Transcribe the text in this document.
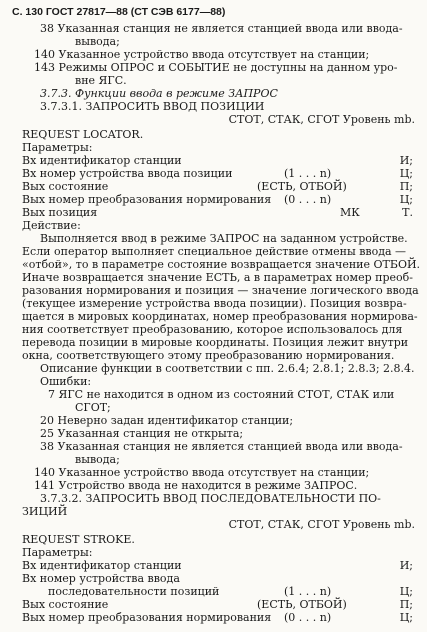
С. 130 ГОСТ 27817—88 (СТ СЭВ 6177—88)
38 Указанная станция не является станцией ввода или ввода-
вывода;
140 Указанное устройство ввода отсутствует на станции;
143 Режимы ОПРОС и СОБЫТИЕ не доступны на данном уро-
вне ЯГС.
3.7.3. Функции ввода в режиме ЗАПРОС
3.7.3.1. ЗАПРОСИТЬ ВВОД ПОЗИЦИИ
СТОТ, СТАК, СГОТ Уровень mb.
REQUEST LOCATOR.
Параметры:
Вх идентификатор станции	И;
Вх номер устройства ввода позиции	(1 . . . n)	Ц;
Вых состояние	(ЕСТЬ, ОТБОЙ)	П;
Вых номер преобразования нормирования (0 . . . n)	Ц;
Вых позиция	МК	Т.
Действие:
Выполняется ввод в режиме ЗАПРОС на заданном устройстве.
Если оператор выполняет специальное действие отмены ввода —
«отбой», то в параметре состояние возвращается значение ОТБОЙ.
Иначе возвращается значение ЕСТЬ, а в параметрах номер преоб-
разования нормирования и позиция — значение логического ввода
(текущее измерение устройства ввода позиции). Позиция возвра-
щается в мировых координатах, номер преобразования нормирова-
ния соответствует преобразованию, которое использовалось для
перевода позиции в мировые координаты. Позиция лежит внутри
окна, соответствующего этому преобразованию нормирования.
Описание функции в соответствии с пп. 2.6.4; 2.8.1; 2.8.3; 2.8.4.
Ошибки:
7 ЯГС не находится в одном из состояний СТОТ, СТАК или
СГОТ;
20 Неверно задан идентификатор станции;
25 Указанная станция не открыта;
38 Указанная станция не является станцией ввода или ввода-
вывода;
140 Указанное устройство ввода отсутствует на станции;
141 Устройство ввода не находится в режиме ЗАПРОС.
3.7.3.2. ЗАПРОСИТЬ ВВОД ПОСЛЕДОВАТЕЛЬНОСТИ ПО-
ЗИЦИЙ
СТОТ, СТАК, СГОТ Уровень mb.
REQUEST STROKE.
Параметры:
Вх идентификатор станции	И;
Вх номер устройства ввода
последовательности позиций	(1 . . . n)	Ц;
Вых состояние	(ЕСТЬ, ОТБОЙ)	П;
Вых номер преобразования нормирования (0 . . . n)	Ц;
